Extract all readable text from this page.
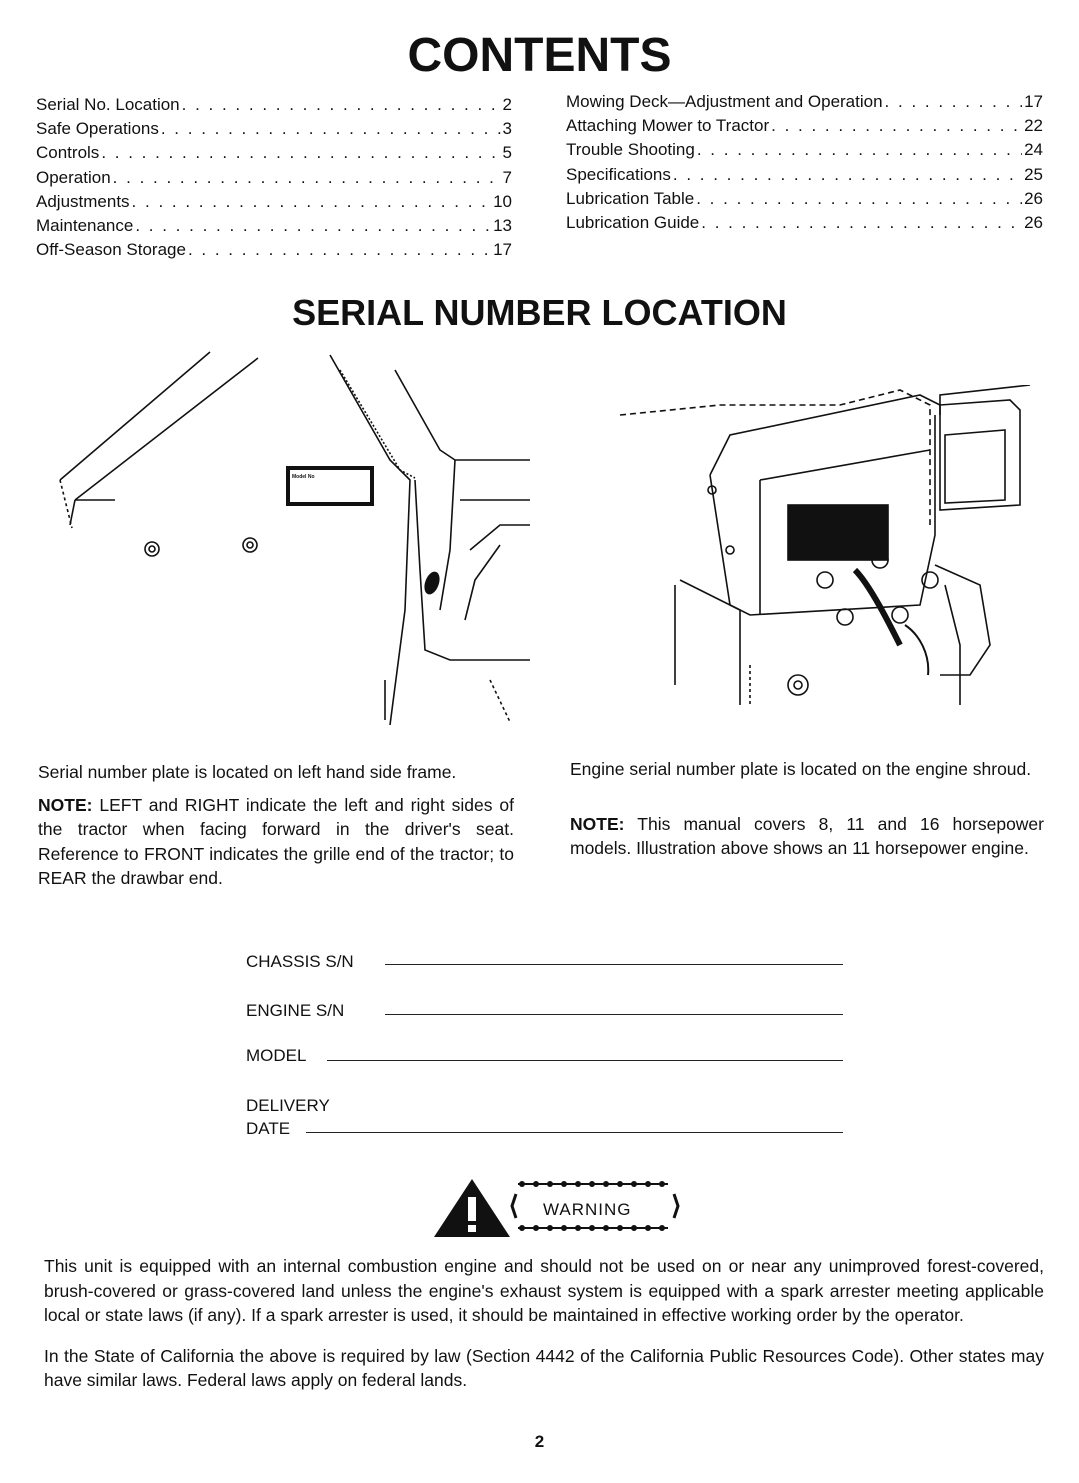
CONTENTS
Serial No. Location . . .	2
Safe Operations . . .	3
Controls . . .	5
Operation . . .	7
Adjustments . . .	10
Maintenance . . .	13
Off-Season Storage . . .	17
Mowing Deck—Adjustment and Operation . . .	17
Attaching Mower to Tractor . . .	22
Trouble Shooting . . .	24
Specifications . . .	25
Lubrication Table . . .	26
Lubrication Guide . . .	26
SERIAL NUMBER LOCATION
Model No

Serial number plate is located on left hand side frame.

NOTE: LEFT and RIGHT indicate the left and right sides of the tractor when facing forward in the driver's seat. Reference to FRONT indicates the grille end of the tractor; to REAR the drawbar end.

Engine serial number plate is located on the engine shroud.

NOTE: This manual covers 8, 11 and 16 horsepower models. Illustration above shows an 11 horsepower engine.

CHASSIS S/N
ENGINE S/N
MODEL
DELIVERY
DATE
WARNING

This unit is equipped with an internal combustion engine and should not be used on or near any unimproved forest-covered, brush-covered or grass-covered land unless the engine's exhaust system is equipped with a spark arrester meeting applicable local or state laws (if any). If a spark arrester is used, it should be maintained in effective working order by the operator.

In the State of California the above is required by law (Section 4442 of the California Public Resources Code). Other states may have similar laws. Federal laws apply on federal lands.

2
